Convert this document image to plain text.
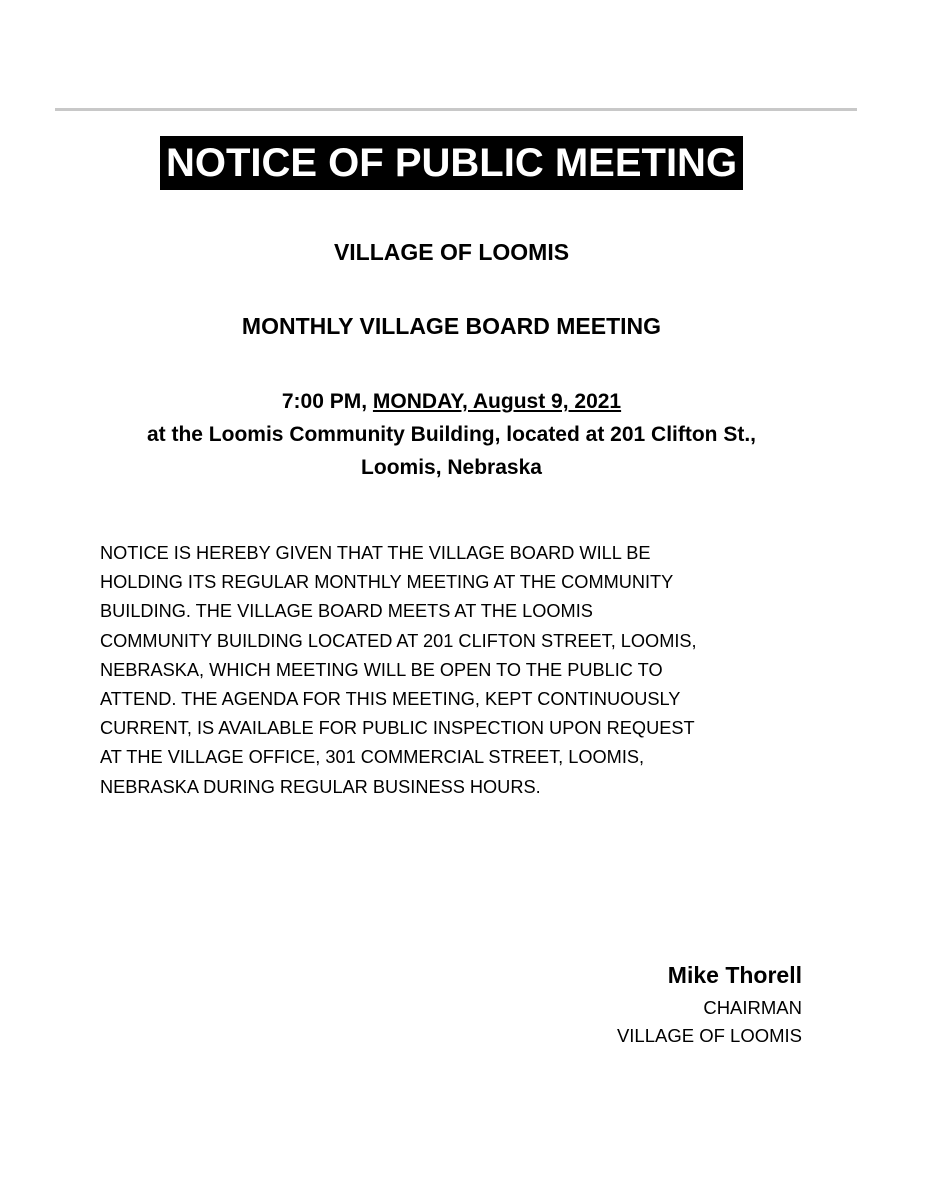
NOTICE OF PUBLIC MEETING
VILLAGE OF LOOMIS
MONTHLY VILLAGE BOARD MEETING
7:00 PM, MONDAY, August 9, 2021
at the Loomis Community Building, located at 201 Clifton St.,
Loomis, Nebraska

NOTICE IS HEREBY GIVEN THAT THE VILLAGE BOARD WILL BE
HOLDING ITS REGULAR MONTHLY MEETING AT THE COMMUNITY
BUILDING. THE VILLAGE BOARD MEETS AT THE LOOMIS
COMMUNITY BUILDING LOCATED AT 201 CLIFTON STREET, LOOMIS,
NEBRASKA, WHICH MEETING WILL BE OPEN TO THE PUBLIC TO
ATTEND. THE AGENDA FOR THIS MEETING, KEPT CONTINUOUSLY
CURRENT, IS AVAILABLE FOR PUBLIC INSPECTION UPON REQUEST
AT THE VILLAGE OFFICE, 301 COMMERCIAL STREET, LOOMIS,
NEBRASKA DURING REGULAR BUSINESS HOURS.

Mike Thorell
CHAIRMAN
VILLAGE OF LOOMIS
